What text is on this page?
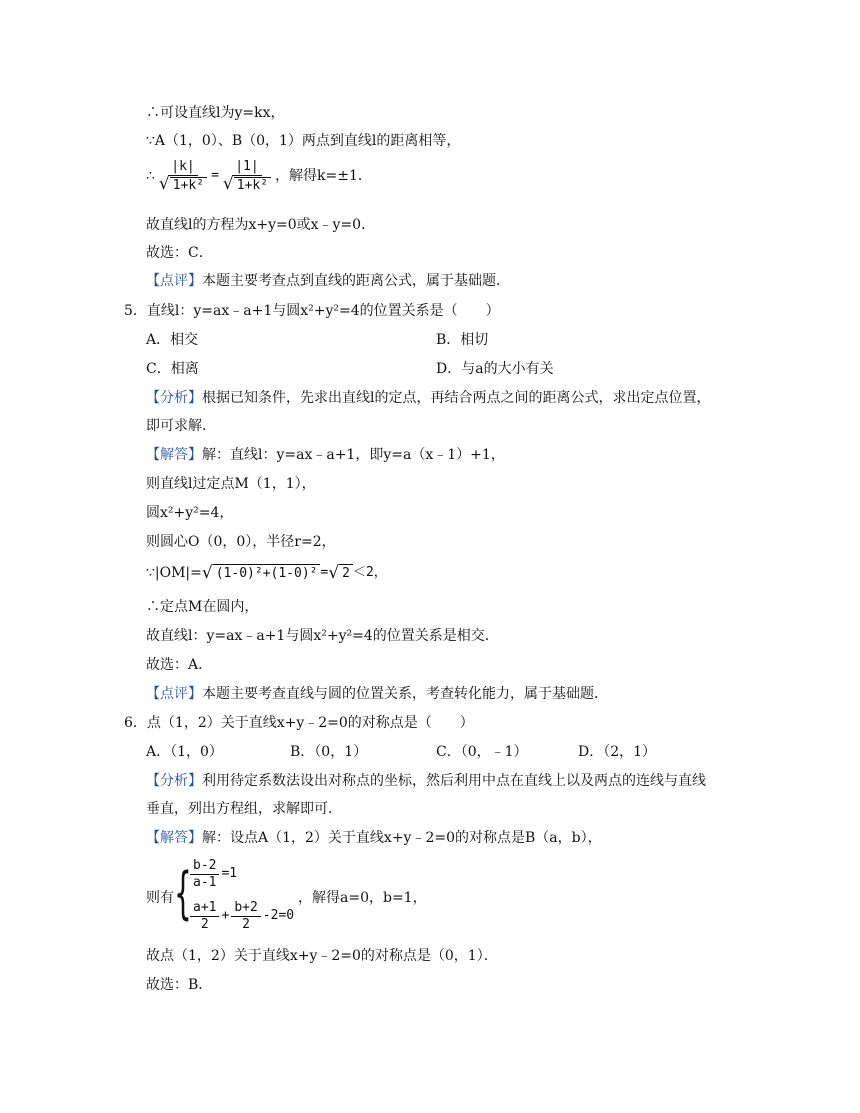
∴可设直线l为y=kx，
∵A（1，0）、B（0，1）两点到直线l的距离相等，
∴ $\frac{|k|}{\text{√ 1+k²}} = \frac{|1|}{\text{√ 1+k²}}$ ，解得k=±1．
故直线l的方程为x+y=0或x﹣y=0．
故选：C．
【点评】本题主要考查点到直线的距离公式，属于基础题．
5．直线l：y=ax﹣a+1与圆x²+y²=4的位置关系是（　　）
A．相交	B．相切
C．相离	D．与a的大小有关
【分析】根据已知条件，先求出直线l的定点，再结合两点之间的距离公式，求出定点位置，
即可求解．
【解答】解：直线l：y=ax﹣a+1，即y=a（x﹣1）+1，
则直线l过定点M（1，1），
圆x²+y²=4，
则圆心O（0，0），半径r=2，
∵|OM|= √ (1-0)²+(1-0)² = √ 2 ＜2，
∴定点M在圆内，
故直线l：y=ax﹣a+1与圆x²+y²=4的位置关系是相交．
故选：A．
【点评】本题主要考查直线与圆的位置关系，考查转化能力，属于基础题．
6．点（1，2）关于直线x+y﹣2=0的对称点是（　　）
A．（1，0）	B．（0，1）	C．（0，﹣1）	D．（2，1）
【分析】利用待定系数法设出对称点的坐标，然后利用中点在直线上以及两点的连线与直线
垂直，列出方程组，求解即可．
【解答】解：设点A（1，2）关于直线x+y﹣2=0的对称点是B（a，b），
则有 {
$\frac{b-2}{a-1} =1$
$\frac{a+1}{2} + \frac{b+2}{2} -2=0$
，解得a=0，b=1，
故点（1，2）关于直线x+y﹣2=0的对称点是（0，1）．
故选：B．
